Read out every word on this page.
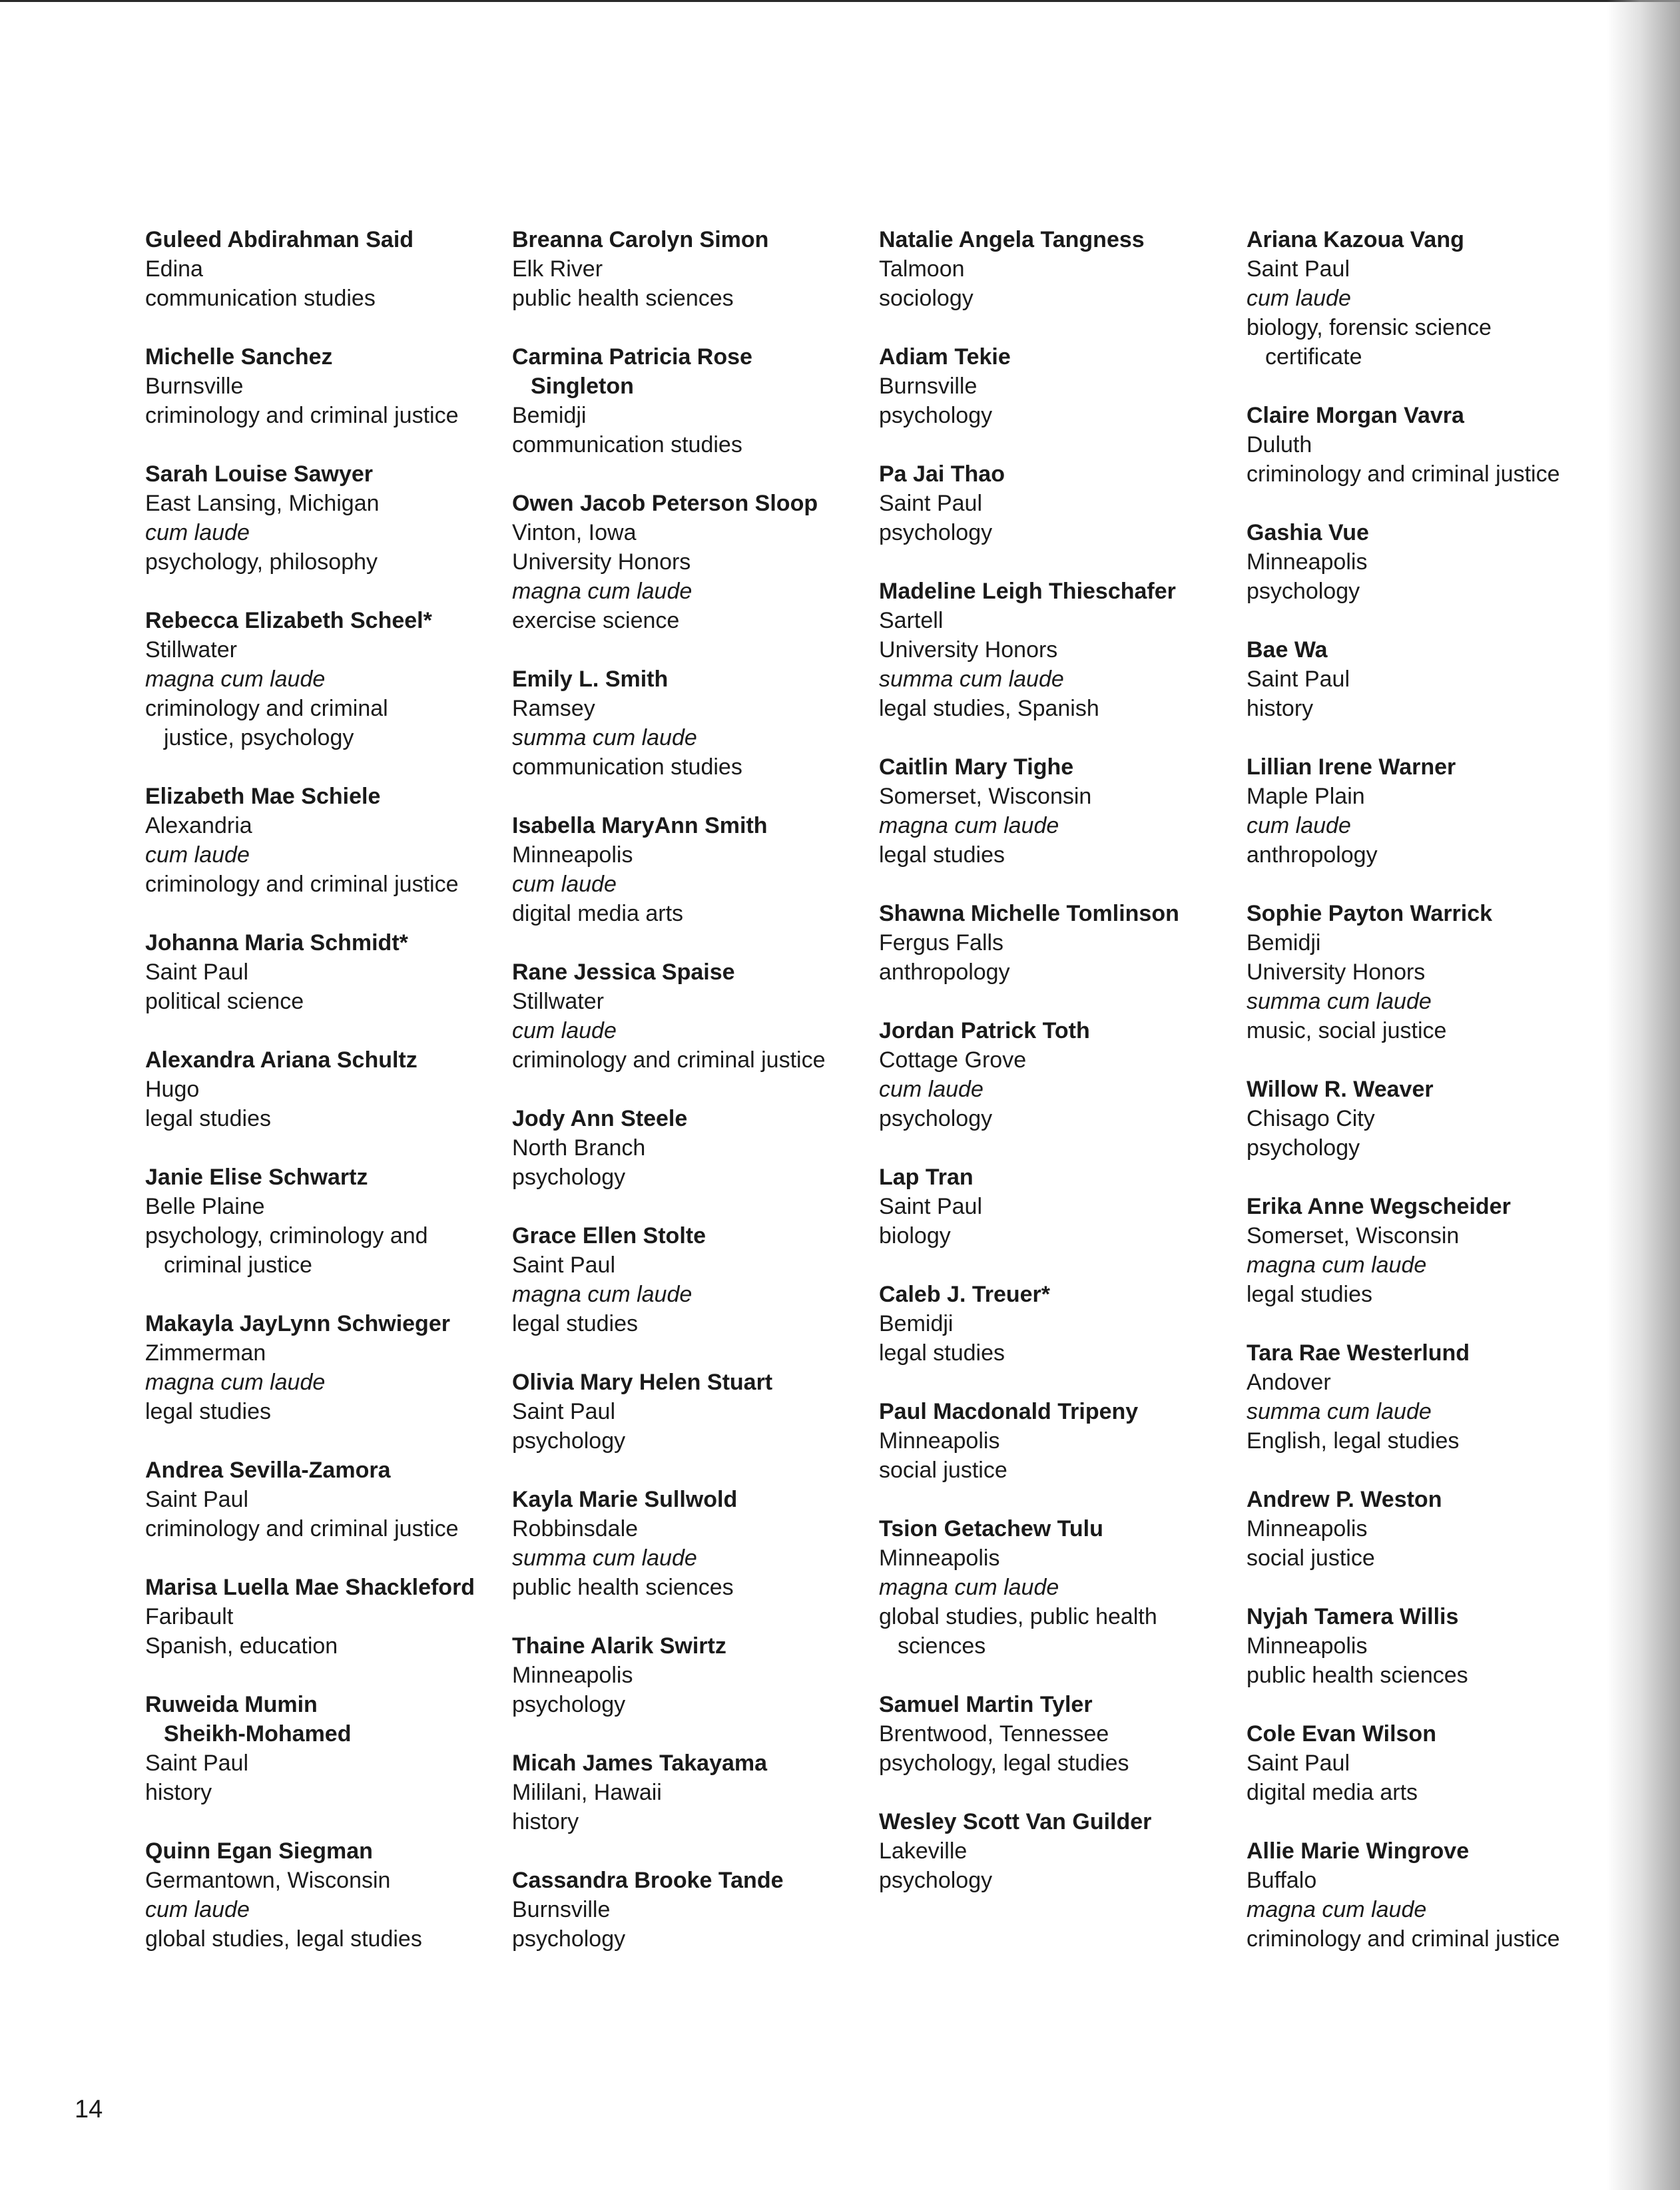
Guleed Abdirahman Said
Edina
communication studies
Michelle Sanchez
Burnsville
criminology and criminal justice
Sarah Louise Sawyer
East Lansing, Michigan
cum laude
psychology, philosophy
Rebecca Elizabeth Scheel*
Stillwater
magna cum laude
criminology and criminal
justice, psychology
Elizabeth Mae Schiele
Alexandria
cum laude
criminology and criminal justice
Johanna Maria Schmidt*
Saint Paul
political science
Alexandra Ariana Schultz
Hugo
legal studies
Janie Elise Schwartz
Belle Plaine
psychology, criminology and
criminal justice
Makayla JayLynn Schwieger
Zimmerman
magna cum laude
legal studies
Andrea Sevilla-Zamora
Saint Paul
criminology and criminal justice
Marisa Luella Mae Shackleford
Faribault
Spanish, education
Ruweida Mumin
Sheikh-Mohamed
Saint Paul
history
Quinn Egan Siegman
Germantown, Wisconsin
cum laude
global studies, legal studies
Breanna Carolyn Simon
Elk River
public health sciences
Carmina Patricia Rose
Singleton
Bemidji
communication studies
Owen Jacob Peterson Sloop
Vinton, Iowa
University Honors
magna cum laude
exercise science
Emily L. Smith
Ramsey
summa cum laude
communication studies
Isabella MaryAnn Smith
Minneapolis
cum laude
digital media arts
Rane Jessica Spaise
Stillwater
cum laude
criminology and criminal justice
Jody Ann Steele
North Branch
psychology
Grace Ellen Stolte
Saint Paul
magna cum laude
legal studies
Olivia Mary Helen Stuart
Saint Paul
psychology
Kayla Marie Sullwold
Robbinsdale
summa cum laude
public health sciences
Thaine Alarik Swirtz
Minneapolis
psychology
Micah James Takayama
Mililani, Hawaii
history
Cassandra Brooke Tande
Burnsville
psychology
Natalie Angela Tangness
Talmoon
sociology
Adiam Tekie
Burnsville
psychology
Pa Jai Thao
Saint Paul
psychology
Madeline Leigh Thieschafer
Sartell
University Honors
summa cum laude
legal studies, Spanish
Caitlin Mary Tighe
Somerset, Wisconsin
magna cum laude
legal studies
Shawna Michelle Tomlinson
Fergus Falls
anthropology
Jordan Patrick Toth
Cottage Grove
cum laude
psychology
Lap Tran
Saint Paul
biology
Caleb J. Treuer*
Bemidji
legal studies
Paul Macdonald Tripeny
Minneapolis
social justice
Tsion Getachew Tulu
Minneapolis
magna cum laude
global studies, public health
sciences
Samuel Martin Tyler
Brentwood, Tennessee
psychology, legal studies
Wesley Scott Van Guilder
Lakeville
psychology
Ariana Kazoua Vang
Saint Paul
cum laude
biology, forensic science
certificate
Claire Morgan Vavra
Duluth
criminology and criminal justice
Gashia Vue
Minneapolis
psychology
Bae Wa
Saint Paul
history
Lillian Irene Warner
Maple Plain
cum laude
anthropology
Sophie Payton Warrick
Bemidji
University Honors
summa cum laude
music, social justice
Willow R. Weaver
Chisago City
psychology
Erika Anne Wegscheider
Somerset, Wisconsin
magna cum laude
legal studies
Tara Rae Westerlund
Andover
summa cum laude
English, legal studies
Andrew P. Weston
Minneapolis
social justice
Nyjah Tamera Willis
Minneapolis
public health sciences
Cole Evan Wilson
Saint Paul
digital media arts
Allie Marie Wingrove
Buffalo
magna cum laude
criminology and criminal justice
14
